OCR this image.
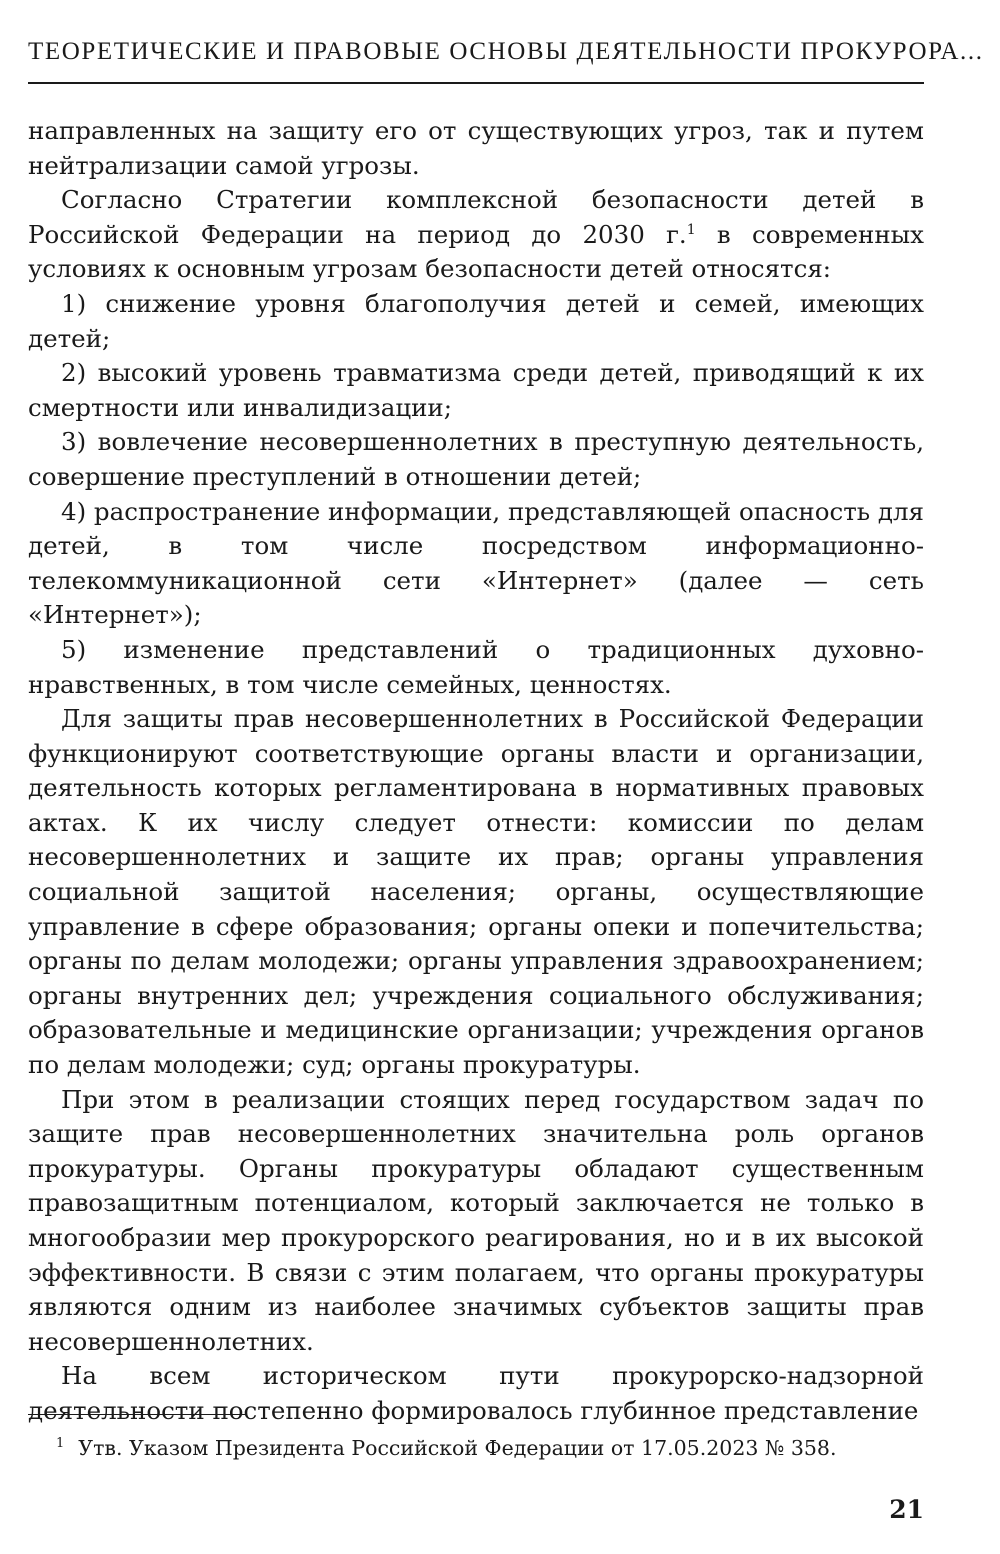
ТЕОРЕТИЧЕСКИЕ И ПРАВОВЫЕ ОСНОВЫ ДЕЯТЕЛЬНОСТИ ПРОКУРОРА...

направленных на защиту его от существующих угроз, так и путем нейтрализации самой угрозы.

Согласно Стратегии комплексной безопасности детей в Российской Федерации на период до 2030 г.$^1$ в современных условиях к основным угрозам безопасности детей относятся:

1) снижение уровня благополучия детей и семей, имеющих детей;

2) высокий уровень травматизма среди детей, приводящий к их смертности или инвалидизации;

3) вовлечение несовершеннолетних в преступную деятельность, совершение преступлений в отношении детей;

4) распространение информации, представляющей опасность для детей, в том числе посредством информационно-телекоммуникационной сети «Интернет» (далее — сеть «Интернет»);

5) изменение представлений о традиционных духовно-нравственных, в том числе семейных, ценностях.

Для защиты прав несовершеннолетних в Российской Федерации функционируют соответствующие органы власти и организации, деятельность которых регламентирована в нормативных правовых актах. К их числу следует отнести: комиссии по делам несовершеннолетних и защите их прав; органы управления социальной защитой населения; органы, осуществляющие управление в сфере образования; органы опеки и попечительства; органы по делам молодежи; органы управления здравоохранением; органы внутренних дел; учреждения социального обслуживания; образовательные и медицинские организации; учреждения органов по делам молодежи; суд; органы прокуратуры.

При этом в реализации стоящих перед государством задач по защите прав несовершеннолетних значительна роль органов прокуратуры. Органы прокуратуры обладают существенным правозащитным потенциалом, который заключается не только в многообразии мер прокурорского реагирования, но и в их высокой эффективности. В связи с этим полагаем, что органы прокуратуры являются одним из наиболее значимых субъектов защиты прав несовершеннолетних.

На всем историческом пути прокурорско-надзорной деятельности постепенно формировалось глубинное представление

$^1$ Утв. Указом Президента Российской Федерации от 17.05.2023 № 358.
21
